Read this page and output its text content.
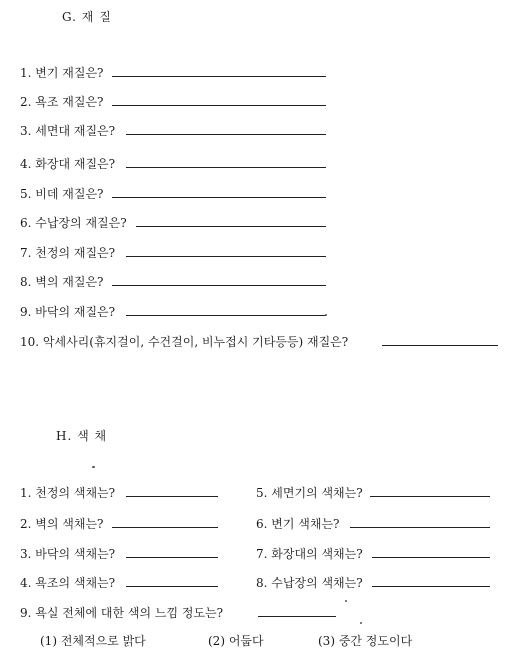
G. 재 질
1. 변기 재질은?
2. 욕조 재질은?
3. 세면대 재질은?
4. 화장대 재질은?
5. 비데 재질은?
6. 수납장의 재질은?
7. 천정의 재질은?
8. 벽의 재질은?
9. 바닥의 재질은?
10. 악세사리(휴지걸이, 수건걸이, 비누접시 기타등등) 재질은?
H. 색 채
1. 천정의 색채는?
2. 벽의 색채는?
3. 바닥의 색채는?
4. 욕조의 색채는?
5. 세면기의 색채는?
6. 변기 색채는?
7. 화장대의 색채는?
8. 수납장의 색채는?
9. 욕실 전체에 대한 색의 느낌 정도는?
(1) 전체적으로 밝다	(2) 어둡다	(3) 중간 정도이다
